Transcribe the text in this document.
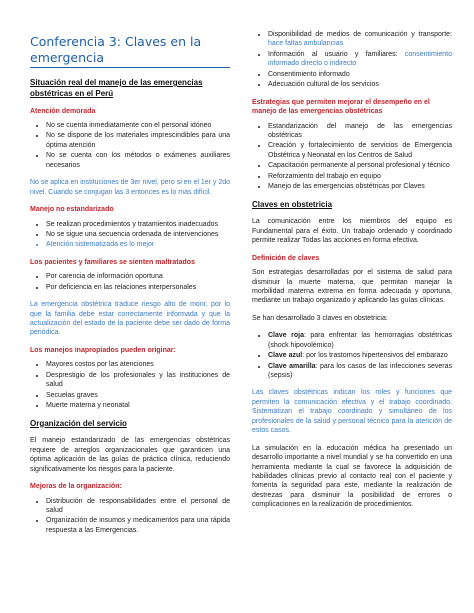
Conferencia 3: Claves en la emergencia
Situación real del manejo de las emergencias obstétricas en el Perú
Atención demorada
• No se cuenta inmediatamente con el personal idóneo
• No se dispone de los materiales imprescindibles para una óptima atención
• No se cuenta con los métodos o exámenes auxiliares necesarios
No se aplica en instituciones de 3er nivel, pero si en el 1er y 2do nivel. Cuando se conjugan las 3 entonces es lo más difícil.
Manejo no estandarizado
• Se realizan procedimientos y tratamientos inadecuados
• No se sigue una secuencia ordenada de intervenciones
• Atención sistematizada es lo mejor
Los pacientes y familiares se sienten maltratados
• Por carencia de información oportuna
• Por deficiencia en las relaciones interpersonales
La emergencia obstétrica traduce riesgo alto de morir, por lo que la familia debe estar correctamente informada y que la actualización del estado de la paciente debe ser dado de forma periódica.
Los manejos inapropiados pueden originar:
• Mayores costos por las atenciones
• Desprestigio de los profesionales y las instituciones de salud
• Secuelas graves
• Muerte materna y neonatal
Organización del servicio
El manejo estandarizado de las emergencias obstétricas requiere de arreglos organizacionales que garanticen una óptima aplicación de las guías de práctica clínica, reduciendo significativamente los riesgos para la paciente.
Mejoras de la organización:
• Distribución de responsabilidades entre el personal de salud
• Organización de insumos y medicamentos para una rápida respuesta a las Emergencias.
• Disponibilidad de medios de comunicación y transporte: hace faltas ambulancias
• Información al usuario y familiares: consentimiento informado directo o indirecto
• Consentimiento informado
• Adecuación cultural de los servicios
Estrategias que permiten mejorar el desempeño en el manejo de las emergencias obstétricas
• Estandarización del manejo de las emergencias obstétricas
• Creación y fortalecimiento de servicios de Emergencia Obstétrica y Neonatal en los Centros de Salud
• Capacitación permanente al personal profesional y técnico
• Reforzamiento del trabajo en equipo
• Manejo de las emergencias obstétricas por Claves
Claves en obstetricia
La comunicación entre los miembros del equipo es Fundamental para el éxito. Un trabajo ordenado y coordinado permite realizar Todas las acciones en forma efectiva.
Definición de claves
Son estrategias desarrolladas por el sistema de salud para disminuir la muerte materna, que permitan manejar la morbilidad materna extrema en forma adecuada y oportuna, mediante un trabajo organizado y aplicando las guías clínicas.
Se han desarrollado 3 claves en obstetricia:
• Clave roja: para enfrentar las hemorragias obstétricas (shock hipovolémico)
• Clave azul: por los trastornos hipertensivos del embarazo
• Clave amarilla: para los casos de las infecciones severas (sepsis)
Las claves obstétricas indican los roles y funciones que permiten la comunicación efectiva y el trabajo coordinado. Sistematizan el trabajo coordinado y simultáneo de los profesionales de la salud y personal técnico para la atención de estos casos.
La simulación en la educación médica ha presentado un desarrollo importante a nivel mundial y se ha convertido en una herramienta mediante la cual se favorece la adquisición de habilidades clínicas previo al contacto real con el paciente y fomenta la seguridad para este, mediante la realización de destrezas para disminuir la posibilidad de errores o complicaciones en la realización de procedimientos.
